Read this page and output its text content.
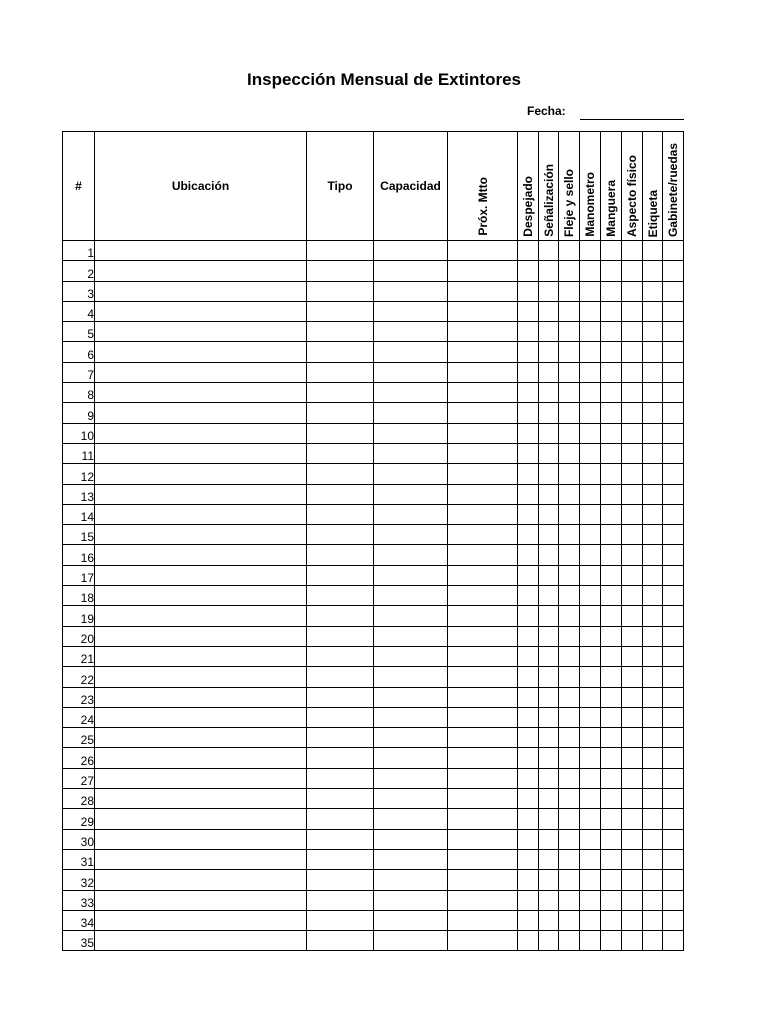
Inspección Mensual de Extintores
Fecha:
#	Ubicación	Tipo	Capacidad	Próx. Mtto	Despejado	Señalización	Fleje y sello	Manometro	Manguera	Aspecto físico	Etiqueta	Gabinete/ruedas

1												
2												
3												
4												
5												
6												
7												
8												
9												
10												
11												
12												
13												
14												
15												
16												
17												
18												
19												
20												
21												
22												
23												
24												
25												
26												
27												
28												
29												
30												
31												
32												
33												
34												
35												
